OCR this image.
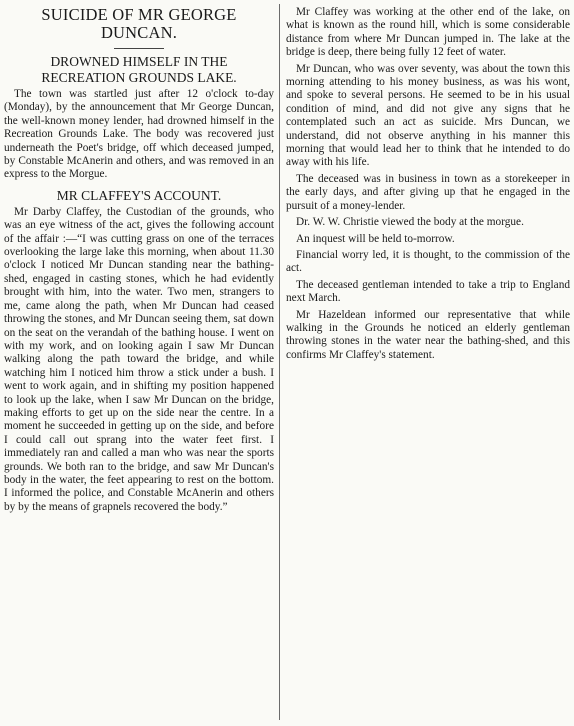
SUICIDE OF MR GEORGE DUNCAN.
DROWNED HIMSELF IN THE
RECREATION GROUNDS LAKE.

The town was startled just after 12 o'clock to-day (Monday), by the announcement that Mr George Duncan, the well-known money lender, had drowned himself in the Recreation Grounds Lake. The body was recovered just underneath the Poet's bridge, off which deceased jumped, by Constable McAnerin and others, and was removed in an express to the Morgue.

MR CLAFFEY'S ACCOUNT.

Mr Darby Claffey, the Custodian of the grounds, who was an eye witness of the act, gives the following account of the affair :—“I was cutting grass on one of the terraces overlooking the large lake this morning, when about 11.30 o'clock I noticed Mr Duncan standing near the bathing-shed, engaged in casting stones, which he had evidently brought with him, into the water. Two men, strangers to me, came along the path, when Mr Duncan had ceased throwing the stones, and Mr Duncan seeing them, sat down on the seat on the verandah of the bathing house. I went on with my work, and on looking again I saw Mr Duncan walking along the path toward the bridge, and while watching him I noticed him throw a stick under a bush. I went to work again, and in shifting my position happened to look up the lake, when I saw Mr Duncan on the bridge, making efforts to get up on the side near the centre. In a moment he succeeded in getting up on the side, and before I could call out sprang into the water feet first. I immediately ran and called a man who was near the sports grounds. We both ran to the bridge, and saw Mr Duncan's body in the water, the feet appearing to rest on the bottom. I informed the police, and Constable McAnerin and others by by the means of grapnels recovered the body.”

Mr Claffey was working at the other end of the lake, on what is known as the round hill, which is some considerable distance from where Mr Duncan jumped in. The lake at the bridge is deep, there being fully 12 feet of water.

Mr Duncan, who was over seventy, was about the town this morning attending to his money business, as was his wont, and spoke to several persons. He seemed to be in his usual condition of mind, and did not give any signs that he contemplated such an act as suicide. Mrs Duncan, we understand, did not observe anything in his manner this morning that would lead her to think that he intended to do away with his life.

The deceased was in business in town as a storekeeper in the early days, and after giving up that he engaged in the pursuit of a money-lender.

Dr. W. W. Christie viewed the body at the morgue.

An inquest will be held to-morrow.

Financial worry led, it is thought, to the commission of the act.

The deceased gentleman intended to take a trip to England next March.

Mr Hazeldean informed our representative that while walking in the Grounds he noticed an elderly gentleman throwing stones in the water near the bathing-shed, and this confirms Mr Claffey's statement.
